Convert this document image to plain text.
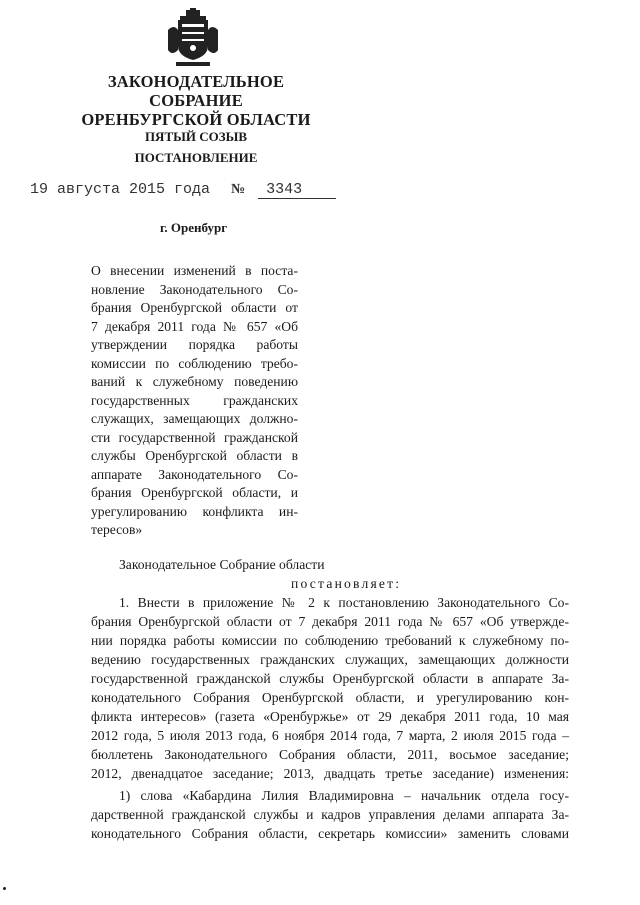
ЗАКОНОДАТЕЛЬНОЕ
СОБРАНИЕ
ОРЕНБУРГСКОЙ ОБЛАСТИ
ПЯТЫЙ СОЗЫВ
ПОСТАНОВЛЕНИЕ
19 августа 2015 года № 3343
г. Оренбург
О внесении изменений в поста-
новление Законодательного Со-
брания Оренбургской области от
7 декабря 2011 года № 657 «Об
утверждении порядка работы
комиссии по соблюдению требо-
ваний к служебному поведению
государственных гражданских
служащих, замещающих должно-
сти государственной гражданской
службы Оренбургской области в
аппарате Законодательного Со-
брания Оренбургской области, и
урегулированию конфликта ин-
тересов»
Законодательное Собрание области
постановляет:
1. Внести в приложение № 2 к постановлению Законодательного Со-
брания Оренбургской области от 7 декабря 2011 года № 657 «Об утвержде-
нии порядка работы комиссии по соблюдению требований к служебному по-
ведению государственных гражданских служащих, замещающих должности
государственной гражданской службы Оренбургской области в аппарате За-
конодательного Собрания Оренбургской области, и урегулированию кон-
фликта интересов» (газета «Оренбуржье» от 29 декабря 2011 года, 10 мая
2012 года, 5 июля 2013 года, 6 ноября 2014 года, 7 марта, 2 июля 2015 года –
бюллетень Законодательного Собрания области, 2011, восьмое заседание;
2012, двенадцатое заседание; 2013, двадцать третье заседание) изменения:
1) слова «Кабардина Лилия Владимировна – начальник отдела госу-
дарственной гражданской службы и кадров управления делами аппарата За-
конодательного Собрания области, секретарь комиссии» заменить словами
